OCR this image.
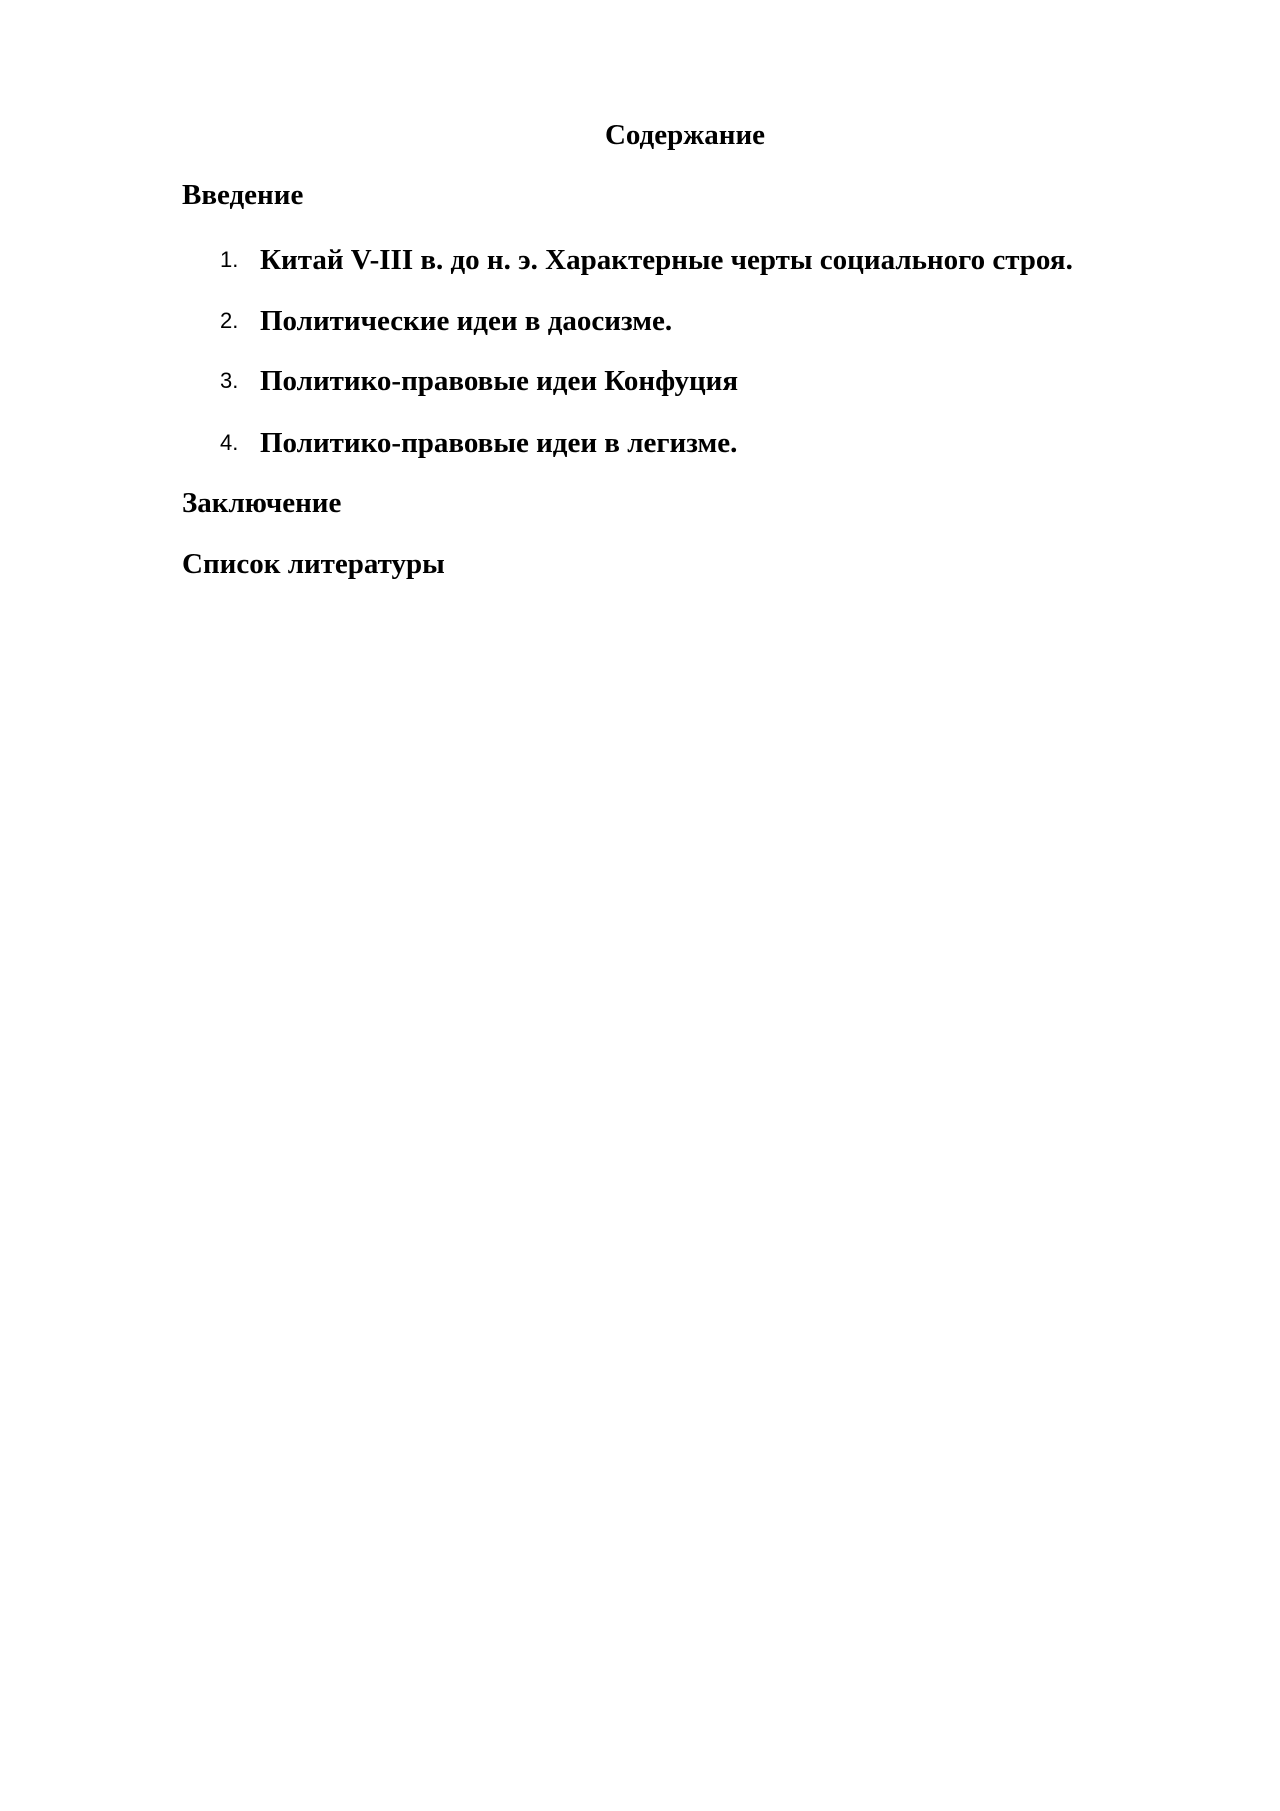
Содержание
Введение
1. Китай V-III в. до н. э. Характерные черты социального строя.
2. Политические идеи в даосизме.
3. Политико-правовые идеи Конфуция
4. Политико-правовые идеи в легизме.
Заключение
Список литературы
